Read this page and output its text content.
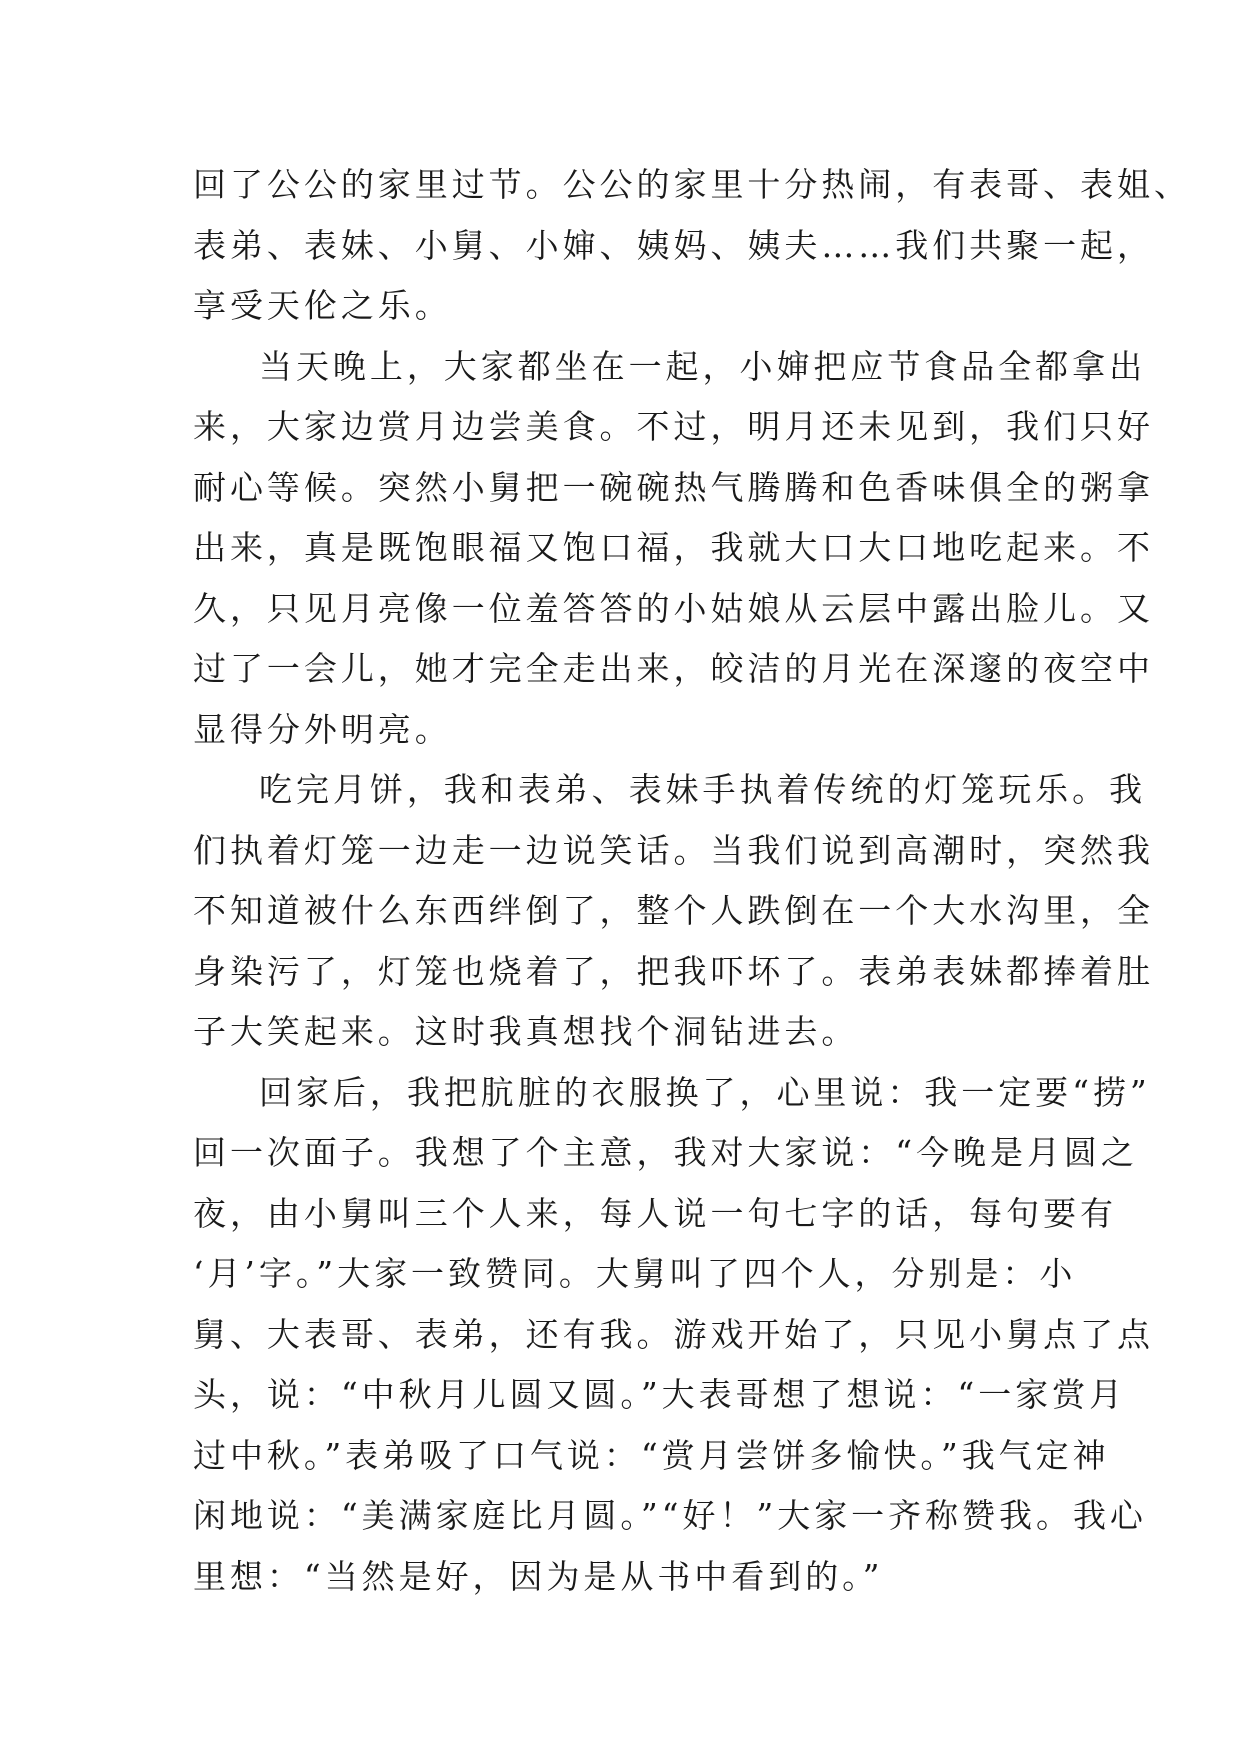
回了公公的家里过节。公公的家里十分热闹，有表哥、表姐、
表弟、表妹、小舅、小婶、姨妈、姨夫……我们共聚一起，
享受天伦之乐。
当天晚上，大家都坐在一起，小婶把应节食品全都拿出
来，大家边赏月边尝美食。不过，明月还未见到，我们只好
耐心等候。突然小舅把一碗碗热气腾腾和色香味俱全的粥拿
出来，真是既饱眼福又饱口福，我就大口大口地吃起来。不
久，只见月亮像一位羞答答的小姑娘从云层中露出脸儿。又
过了一会儿，她才完全走出来，皎洁的月光在深邃的夜空中
显得分外明亮。
吃完月饼，我和表弟、表妹手执着传统的灯笼玩乐。我
们执着灯笼一边走一边说笑话。当我们说到高潮时，突然我
不知道被什么东西绊倒了，整个人跌倒在一个大水沟里，全
身染污了，灯笼也烧着了，把我吓坏了。表弟表妹都捧着肚
子大笑起来。这时我真想找个洞钻进去。
回家后，我把肮脏的衣服换了，心里说：我一定要“捞”
回一次面子。我想了个主意，我对大家说：“今晚是月圆之
夜，由小舅叫三个人来，每人说一句七字的话，每句要有
‘月’字。”大家一致赞同。大舅叫了四个人，分别是：小
舅、大表哥、表弟，还有我。游戏开始了，只见小舅点了点
头，说：“中秋月儿圆又圆。”大表哥想了想说：“一家赏月
过中秋。”表弟吸了口气说：“赏月尝饼多愉快。”我气定神
闲地说：“美满家庭比月圆。”“好！”大家一齐称赞我。我心
里想：“当然是好，因为是从书中看到的。”
